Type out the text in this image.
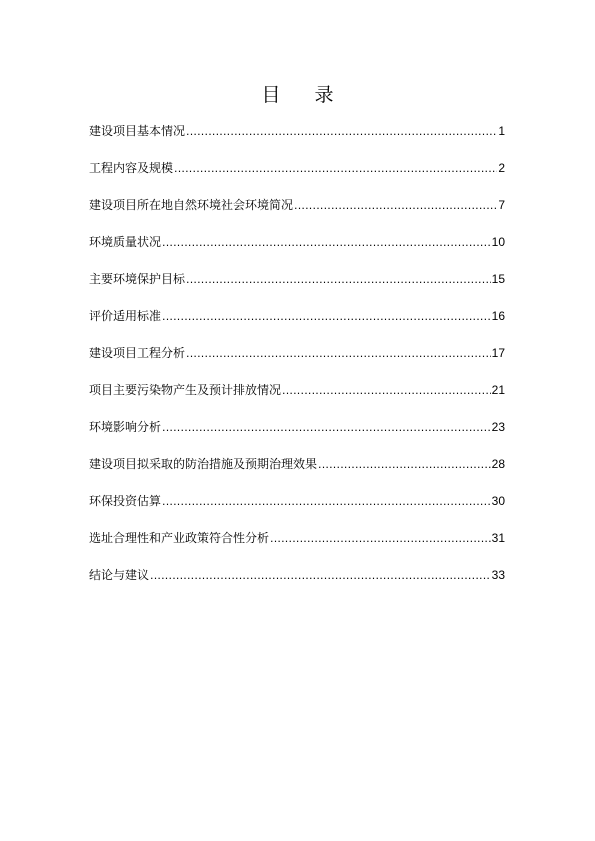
目 录
建设项目基本情况 .....	1
工程内容及规模 .....	2
建设项目所在地自然环境社会环境简况 .....	7
环境质量状况 .....	10
主要环境保护目标 .....	15
评价适用标准 .....	16
建设项目工程分析 .....	17
项目主要污染物产生及预计排放情况 .....	21
环境影响分析 .....	23
建设项目拟采取的防治措施及预期治理效果 .....	28
环保投资估算 .....	30
选址合理性和产业政策符合性分析 .....	31
结论与建议 .....	33
